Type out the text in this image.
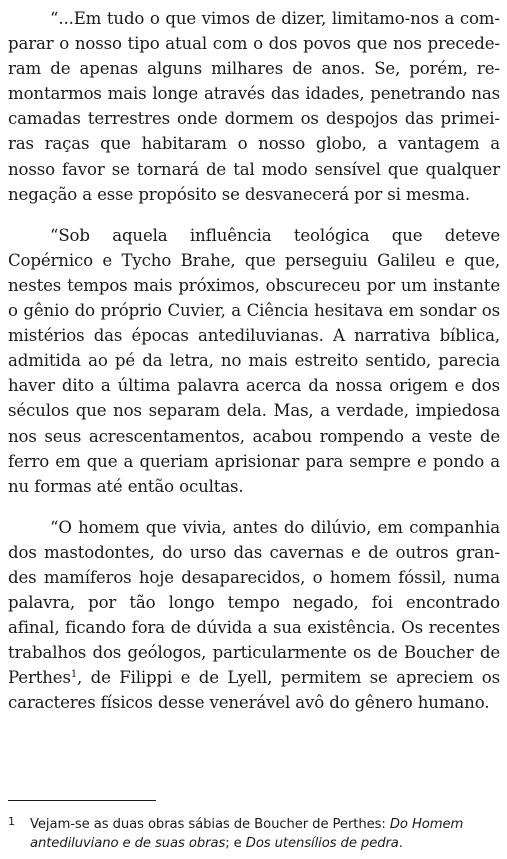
“...Em tudo o que vimos de dizer, limitamo-nos a comparar o nosso tipo atual com o dos povos que nos precederam de apenas alguns milhares de anos. Se, porém, remontarmos mais longe através das idades, penetrando nas camadas terrestres onde dormem os despojos das primeiras raças que habitaram o nosso globo, a vantagem a nosso favor se tornará de tal modo sensível que qualquer negação a esse propósito se desvanecerá por si mesma.

“Sob aquela influência teológica que deteve Copérnico e Tycho Brahe, que perseguiu Galileu e que, nestes tempos mais próximos, obscureceu por um instante o gênio do próprio Cuvier, a Ciência hesitava em sondar os mistérios das épocas antediluvianas. A narrativa bíblica, admitida ao pé da letra, no mais estreito sentido, parecia haver dito a última palavra acerca da nossa origem e dos séculos que nos separam dela. Mas, a verdade, impiedosa nos seus acrescentamentos, acabou rompendo a veste de ferro em que a queriam aprisionar para sempre e pondo a nu formas até então ocultas.

“O homem que vivia, antes do dilúvio, em companhia dos mastodontes, do urso das cavernas e de outros grandes mamíferos hoje desaparecidos, o homem fóssil, numa palavra, por tão longo tempo negado, foi encontrado afinal, ficando fora de dúvida a sua existência. Os recentes trabalhos dos geólogos, particularmente os de Boucher de Perthes$^1$, de Filippi e de Lyell, permitem se apreciem os caracteres físicos desse venerável avô do gênero humano.

1 Vejam-se as duas obras sábias de Boucher de Perthes: Do Homem
antediluviano e de suas obras; e Dos utensílios de pedra.
